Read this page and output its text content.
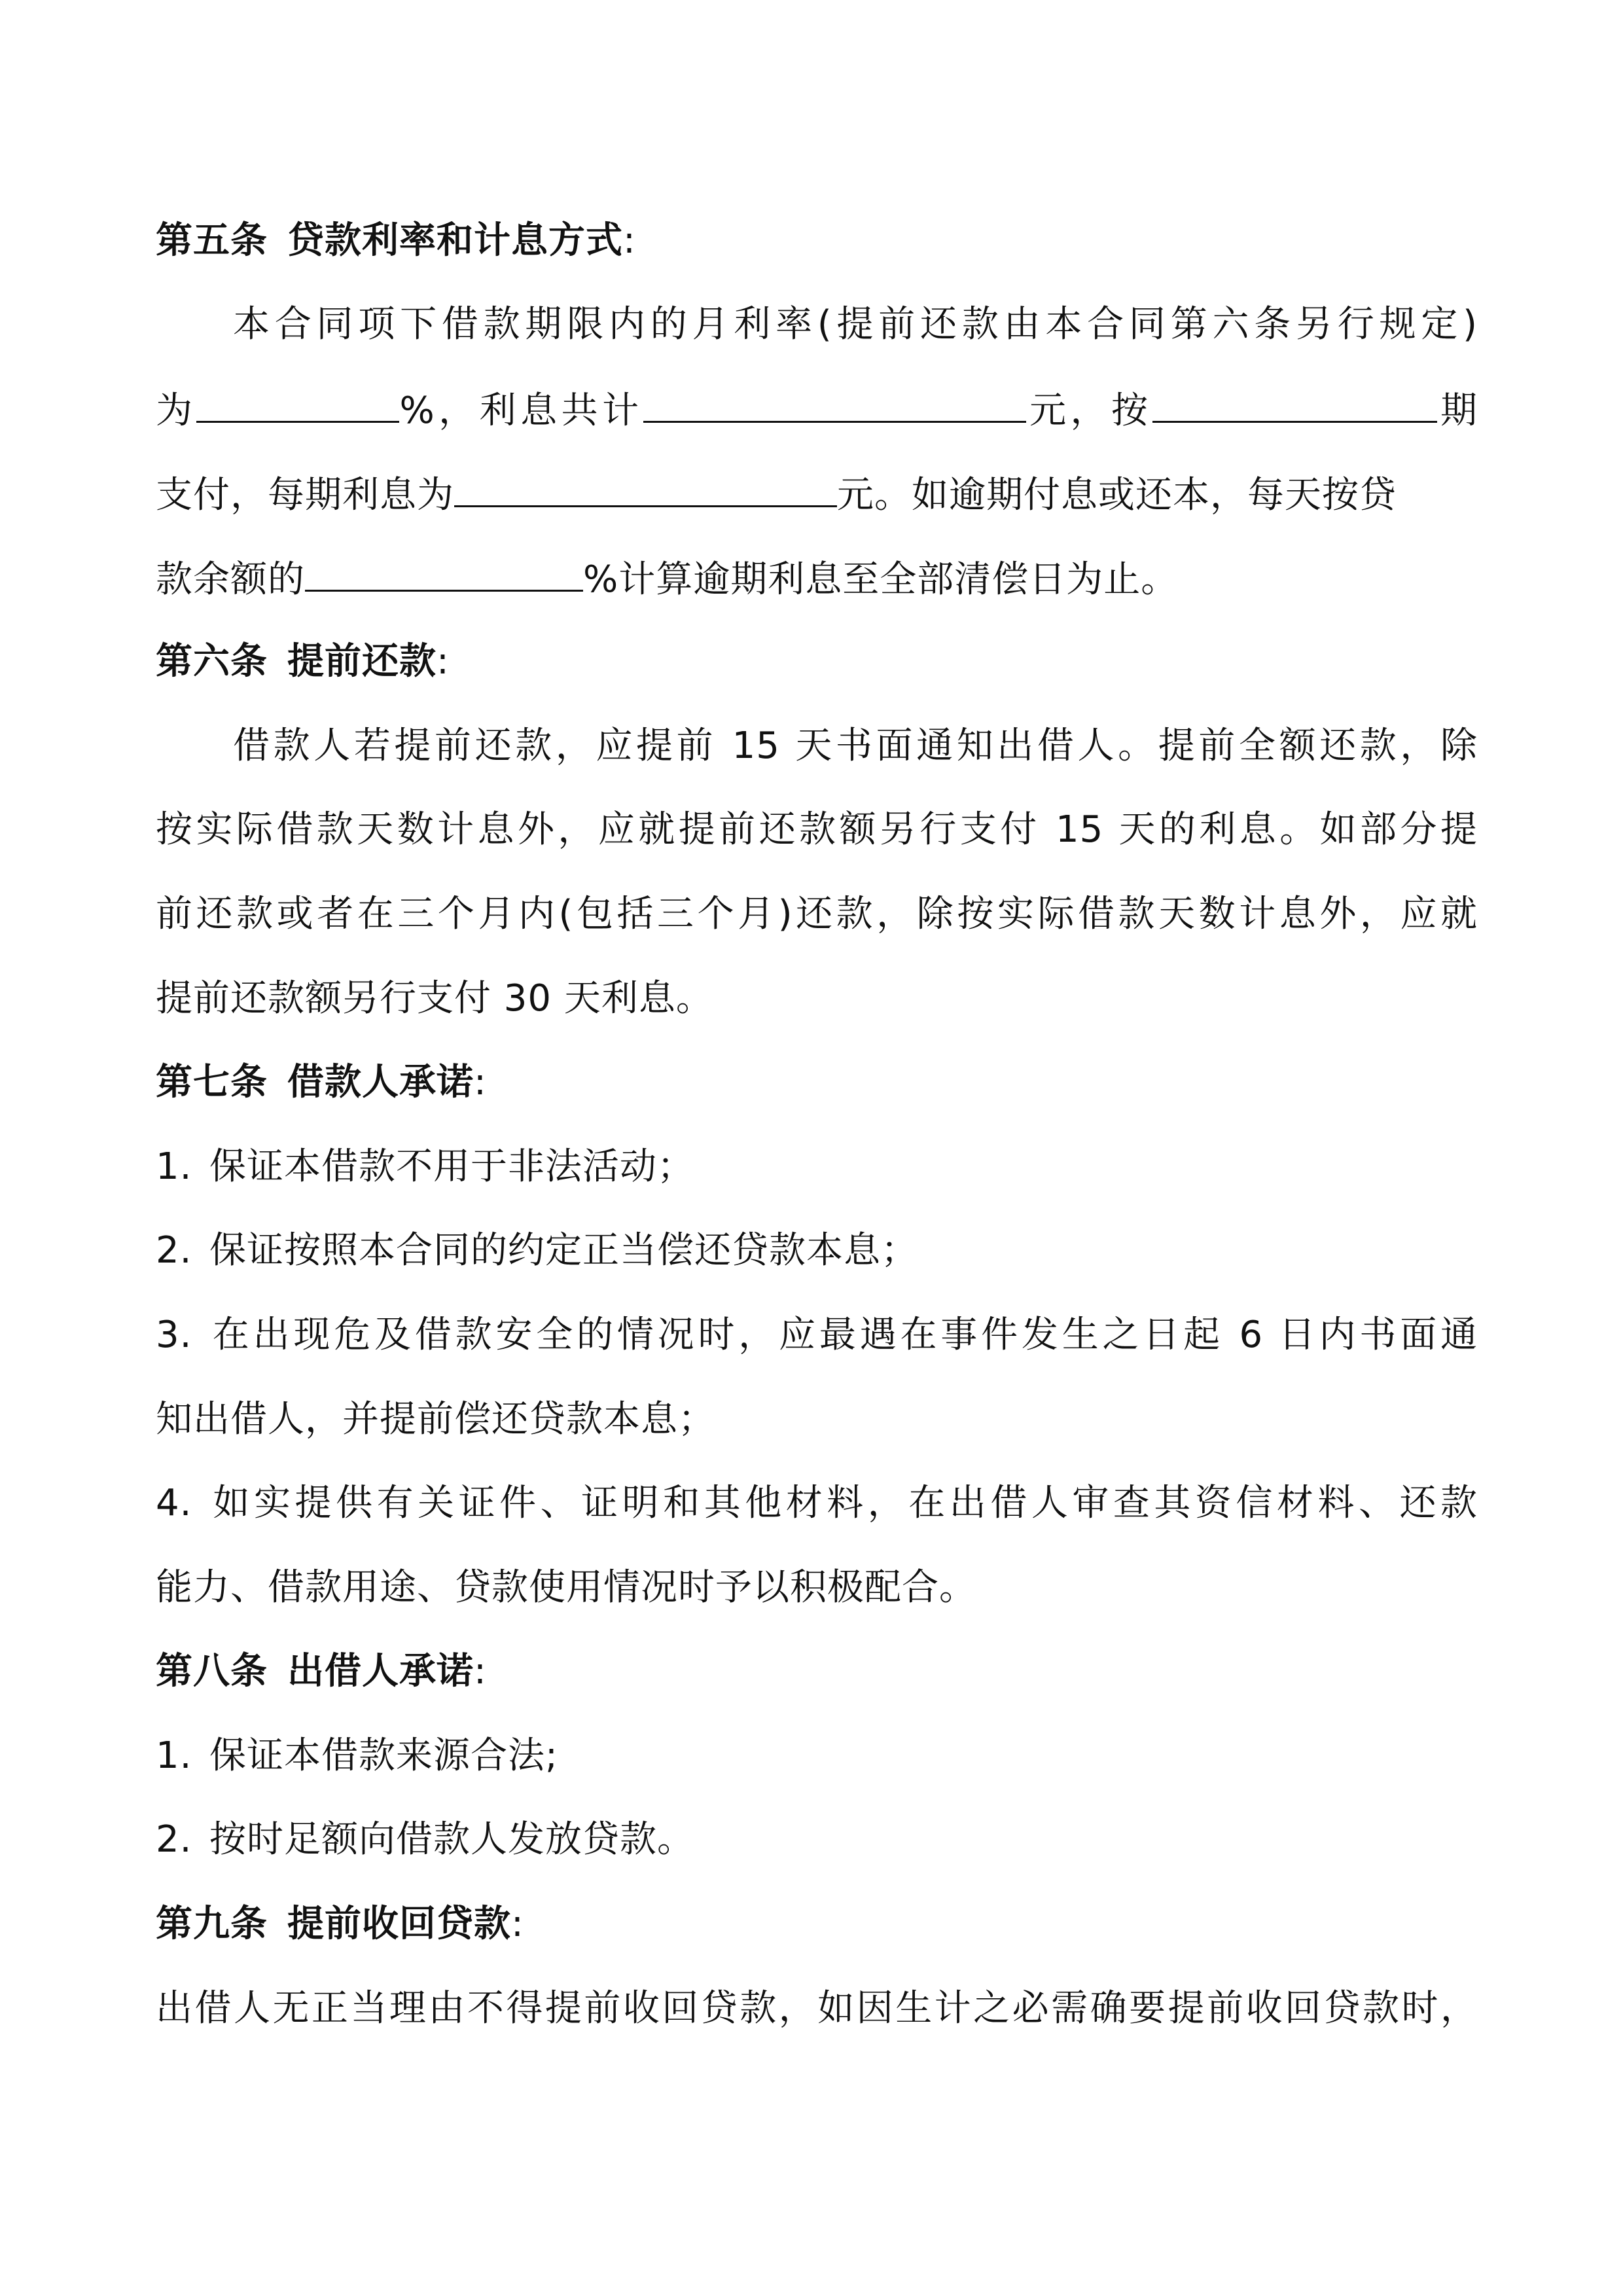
第五条 贷款利率和计息方式:
本合同项下借款期限内的月利率(提前还款由本合同第六条另行规定)
为	%，利息共计	元，按	期
支付，每期利息为	元。如逾期付息或还本，每天按贷
款余额的	%计算逾期利息至全部清偿日为止。
第六条 提前还款:
借款人若提前还款，应提前 15 天书面通知出借人。提前全额还款，除
按实际借款天数计息外，应就提前还款额另行支付 15 天的利息。如部分提
前还款或者在三个月内(包括三个月)还款，除按实际借款天数计息外，应就
提前还款额另行支付 30 天利息。
第七条 借款人承诺:
1. 保证本借款不用于非法活动；
2. 保证按照本合同的约定正当偿还贷款本息；
3. 在出现危及借款安全的情况时，应最遇在事件发生之日起 6 日内书面通
知出借人，并提前偿还贷款本息；
4. 如实提供有关证件、证明和其他材料，在出借人审查其资信材料、还款
能力、借款用途、贷款使用情况时予以积极配合。
第八条 出借人承诺:
1. 保证本借款来源合法;
2. 按时足额向借款人发放贷款。
第九条 提前收回贷款:
出借人无正当理由不得提前收回贷款，如因生计之必需确要提前收回贷款时，
